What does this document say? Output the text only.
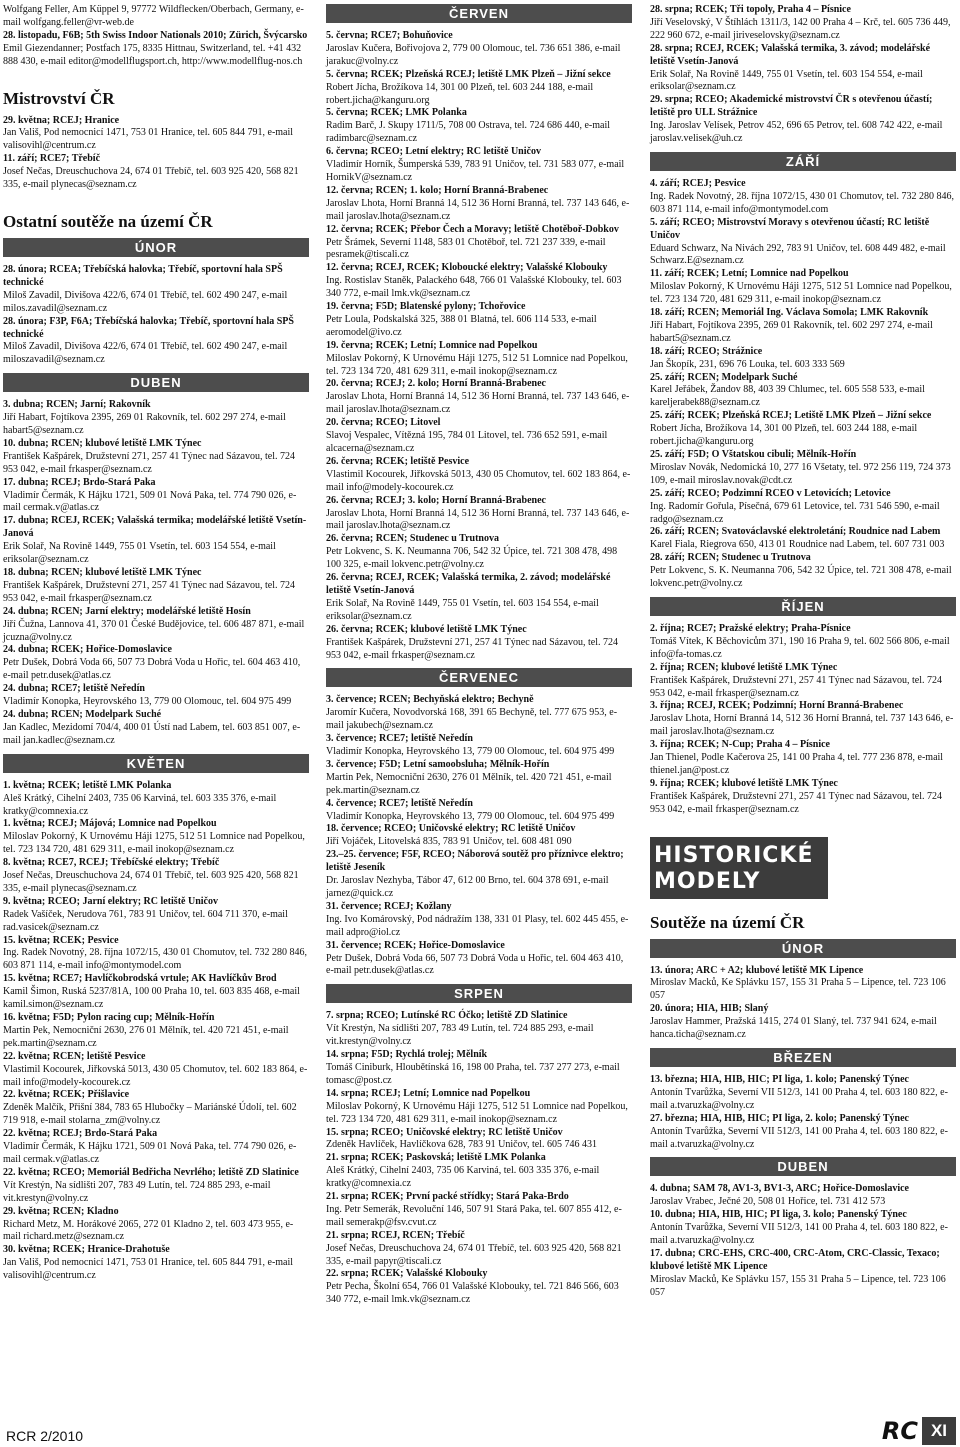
Wolfgang Feller, Am Küppel 9, 97772 Wildflecken/Oberbach, Germany, e-mail wolfgang.feller@vr-web.de
28. listopadu, F6B; 5th Swiss Indoor Nationals 2010; Zürich, Švýcarsko
Emil Giezendanner; Postfach 175, 8335 Hittnau, Switzerland, tel. +41 432 888 430, e-mail editor@modellflugsport.ch, http://www.modellflug-nos.ch
Mistrovství ČR
29. května; RCEJ; Hranice
Jan Vališ, Pod nemocnicí 1471, 753 01 Hranice, tel. 605 844 791, e-mail valisovihl@centrum.cz
11. září; RCE7; Třebíč
Josef Nečas, Dreuschuchova 24, 674 01 Třebíč, tel. 603 925 420, 568 821 335, e-mail plynecas@seznam.cz
Ostatní soutěže na území ČR
ÚNOR
28. února; RCEA; Třebíčská halovka; Třebíč, sportovní hala SPŠ technické
Miloš Zavadil, Divišova 422/6, 674 01 Třebíč, tel. 602 490 247, e-mail milos.zavadil@seznam.cz
28. února; F3P, F6A; Třebíčská halovka; Třebíč, sportovní hala SPŠ technické
Miloš Zavadil, Divišova 422/6, 674 01 Třebíč, tel. 602 490 247, e-mail miloszavadil@seznam.cz
DUBEN
3. dubna; RCEN; Jarní; Rakovník
Jiří Habart, Fojtíkova 2395, 269 01 Rakovník, tel. 602 297 274, e-mail habart5@seznam.cz
10. dubna; RCEN; klubové letiště LMK Týnec
František Kašpárek, Družstevní 271, 257 41 Týnec nad Sázavou, tel. 724 953 042, e-mail frkasper@seznam.cz
17. dubna; RCEJ; Brdo-Stará Paka
Vladimír Čermák, K Hájku 1721, 509 01 Nová Paka, tel. 774 790 026, e-mail cermak.v@atlas.cz
17. dubna; RCEJ, RCEK; Valašská termika; modelářské letiště Vsetín-Janová
Erik Solař, Na Rovině 1449, 755 01 Vsetín, tel. 603 154 554, e-mail eriksolar@seznam.cz
18. dubna; RCEN; klubové letiště LMK Týnec
František Kašpárek, Družstevní 271, 257 41 Týnec nad Sázavou, tel. 724 953 042, e-mail frkasper@seznam.cz
24. dubna; RCEN; Jarní elektry; modelářské letiště Hosín
Jiří Čužna, Lannova 41, 370 01 České Budějovice, tel. 606 487 871, e-mail jcuzna@volny.cz
24. dubna; RCEK; Hořice-Domoslavice
Petr Dušek, Dobrá Voda 66, 507 73 Dobrá Voda u Hořic, tel. 604 463 410, e-mail petr.dusek@atlas.cz
24. dubna; RCE7; letiště Neředín
Vladimír Konopka, Heyrovského 13, 779 00 Olomouc, tel. 604 975 499
24. dubna; RCEN; Modelpark Suché
Jan Kadlec, Mezidomí 704/4, 400 01 Ústí nad Labem, tel. 603 851 007, e-mail jan.kadlec@seznam.cz
KVĚTEN
1. května; RCEK; letiště LMK Polanka
Aleš Krátký, Cihelní 2403, 735 06 Karviná, tel. 603 335 376, e-mail kratky@comnexia.cz
1. května; RCEJ; Májová; Lomnice nad Popelkou
Miloslav Pokorný, K Urnovému Háji 1275, 512 51 Lomnice nad Popelkou, tel. 723 134 720, 481 629 311, e-mail inokop@seznam.cz
8. května; RCE7, RCEJ; Třebíčské elektry; Třebíč
Josef Nečas, Dreuschuchova 24, 674 01 Třebíč, tel. 603 925 420, 568 821 335, e-mail plynecas@seznam.cz
9. května; RCEO; Jarní elektry; RC letiště Uničov
Radek Vašíček, Nerudova 761, 783 91 Uničov, tel. 604 711 370, e-mail rad.vasicek@seznam.cz
15. května; RCEK; Pesvice
Ing. Radek Novotný, 28. října 1072/15, 430 01 Chomutov, tel. 732 280 846, 603 871 114, e-mail info@montymodel.com
15. května; RCE7; Havlíčkobrodská vrtule; AK Havlíčkův Brod
Kamil Šimon, Ruská 5237/81A, 100 00 Praha 10, tel. 603 835 468, e-mail kamil.simon@seznam.cz
16. května; F5D; Pylon racing cup; Mělník-Hořín
Martin Pek, Nemocniční 2630, 276 01 Mělník, tel. 420 721 451, e-mail pek.martin@seznam.cz
22. května; RCEN; letiště Pesvice
Vlastimil Kocourek, Jiřkovská 5013, 430 05 Chomutov, tel. 602 183 864, e-mail info@modely-kocourek.cz
22. května; RCEK; Přišlavice
Zdeněk Malčík, Přišní 384, 783 65 Hlubočky – Mariánské Údolí, tel. 602 719 918, e-mail stolarna_zm@volny.cz
22. května; RCEJ; Brdo-Stará Paka
Vladimír Čermák, K Hájku 1721, 509 01 Nová Paka, tel. 774 790 026, e-mail cermak.v@atlas.cz
22. května; RCEO; Memoriál Bedřicha Nevrlého; letiště ZD Slatinice
Vít Krestýn, Na sídlišti 207, 783 49 Lutín, tel. 724 885 293, e-mail vit.krestyn@volny.cz
29. května; RCEN; Kladno
Richard Metz, M. Horákové 2065, 272 01 Kladno 2, tel. 603 473 955, e-mail richard.metz@seznam.cz
30. května; RCEK; Hranice-Drahotuše
Jan Vališ, Pod nemocnicí 1471, 753 01 Hranice, tel. 605 844 791, e-mail valisovihl@centrum.cz
ČERVEN
5. června; RCE7; Bohuňovice
Jaroslav Kučera, Bořivojova 2, 779 00 Olomouc, tel. 736 651 386, e-mail jarakuc@volny.cz
5. června; RCEK; Plzeňská RCEJ; letiště LMK Plzeň – Jižní sekce
Robert Jícha, Brožíkova 14, 301 00 Plzeň, tel. 603 244 188, e-mail robert.jicha@kanguru.org
5. června; RCEK; LMK Polanka
Radim Barč, J. Skupy 1711/5, 708 00 Ostrava, tel. 724 686 440, e-mail radimbarc@seznam.cz
6. června; RCEO; Letní elektry; RC letiště Uničov
Vladimír Horník, Šumperská 539, 783 91 Uničov, tel. 731 583 077, e-mail HornikV@seznam.cz
12. června; RCEN; 1. kolo; Horní Branná-Brabenec
Jaroslav Lhota, Horní Branná 14, 512 36 Horní Branná, tel. 737 143 646, e-mail jaroslav.lhota@seznam.cz
12. června; RCEK; Přebor Čech a Moravy; letiště Chotěboř-Dobkov
Petr Šrámek, Severní 1148, 583 01 Chotěboř, tel. 721 237 339, e-mail pesramek@tiscali.cz
12. června; RCEJ, RCEK; Kloboucké elektry; Valašské Klobouky
Ing. Rostislav Staněk, Palackého 648, 766 01 Valašské Klobouky, tel. 603 340 772, e-mail lmk.vk@seznam.cz
19. června; F5D; Blatenské pylony; Tchořovice
Petr Loula, Podskalská 325, 388 01 Blatná, tel. 606 114 533, e-mail aeromodel@ivo.cz
19. června; RCEK; Letní; Lomnice nad Popelkou
Miloslav Pokorný, K Urnovému Háji 1275, 512 51 Lomnice nad Popelkou, tel. 723 134 720, 481 629 311, e-mail inokop@seznam.cz
20. června; RCEJ; 2. kolo; Horní Branná-Brabenec
Jaroslav Lhota, Horní Branná 14, 512 36 Horní Branná, tel. 737 143 646, e-mail jaroslav.lhota@seznam.cz
20. června; RCEO; Litovel
Slavoj Vespalec, Vítězná 195, 784 01 Litovel, tel. 736 652 591, e-mail alcacerna@seznam.cz
26. června; RCEK; letiště Pesvice
Vlastimil Kocourek, Jiřkovská 5013, 430 05 Chomutov, tel. 602 183 864, e-mail info@modely-kocourek.cz
26. června; RCEJ; 3. kolo; Horní Branná-Brabenec
Jaroslav Lhota, Horní Branná 14, 512 36 Horní Branná, tel. 737 143 646, e-mail jaroslav.lhota@seznam.cz
26. června; RCEN; Studenec u Trutnova
Petr Lokvenc, S. K. Neumanna 706, 542 32 Úpice, tel. 721 308 478, 498 100 325, e-mail lokvenc.petr@volny.cz
26. června; RCEJ, RCEK; Valašská termika, 2. závod; modelářské letiště Vsetín-Janová
Erik Solař, Na Rovině 1449, 755 01 Vsetín, tel. 603 154 554, e-mail eriksolar@seznam.cz
26. června; RCEK; klubové letiště LMK Týnec
František Kašpárek, Družstevní 271, 257 41 Týnec nad Sázavou, tel. 724 953 042, e-mail frkasper@seznam.cz
ČERVENEC
3. července; RCEN; Bechyňská elektro; Bechyně
Jaromír Kučera, Novodvorská 168, 391 65 Bechyně, tel. 777 675 953, e-mail jakubech@seznam.cz
3. července; RCE7; letiště Neředín
Vladimír Konopka, Heyrovského 13, 779 00 Olomouc, tel. 604 975 499
3. července; F5D; Letní samoobsluha; Mělník-Hořín
Martin Pek, Nemocniční 2630, 276 01 Mělník, tel. 420 721 451, e-mail pek.martin@seznam.cz
4. července; RCE7; letiště Neředín
Vladimír Konopka, Heyrovského 13, 779 00 Olomouc, tel. 604 975 499
18. července; RCEO; Uničovské elektry; RC letiště Uničov
Jiří Vojáček, Litovelská 835, 783 91 Uničov, tel. 608 481 090
23.–25. července; F5F, RCEO; Náborová soutěž pro příznivce elektro; letiště Jeseník
Dr. Jaroslav Nezhyba, Tábor 47, 612 00 Brno, tel. 604 378 691, e-mail jarnez@quick.cz
31. července; RCEJ; Kožlany
Ing. Ivo Komárovský, Pod nádražím 138, 331 01 Plasy, tel. 602 445 455, e-mail adpro@iol.cz
31. července; RCEK; Hořice-Domoslavice
Petr Dušek, Dobrá Voda 66, 507 73 Dobrá Voda u Hořic, tel. 604 463 410, e-mail petr.dusek@atlas.cz
SRPEN
7. srpna; RCEO; Lutínské RC Óčko; letiště ZD Slatinice
Vít Krestýn, Na sídlišti 207, 783 49 Lutín, tel. 724 885 293, e-mail vit.krestyn@volny.cz
14. srpna; F5D; Rychlá trolej; Mělník
Tomáš Ciniburk, Hloubětínská 16, 198 00 Praha, tel. 737 277 273, e-mail tomasc@post.cz
14. srpna; RCEJ; Letní; Lomnice nad Popelkou
Miloslav Pokorný, K Urnovému Háji 1275, 512 51 Lomnice nad Popelkou, tel. 723 134 720, 481 629 311, e-mail inokop@seznam.cz
15. srpna; RCEO; Uničovské elektry; RC letiště Uničov
Zdeněk Havlíček, Havlíčkova 628, 783 91 Uničov, tel. 605 746 431
21. srpna; RCEK; Paskovská; letiště LMK Polanka
Aleš Krátký, Cihelní 2403, 735 06 Karviná, tel. 603 335 376, e-mail kratky@comnexia.cz
21. srpna; RCEK; První packé střídky; Stará Paka-Brdo
Ing. Petr Semerák, Revoluční 146, 507 91 Stará Paka, tel. 607 855 412, e-mail semerakp@fsv.cvut.cz
21. srpna; RCEJ, RCEN; Třebíč
Josef Nečas, Dreuschuchova 24, 674 01 Třebíč, tel. 603 925 420, 568 821 335, e-mail papyr@tiscali.cz
22. srpna; RCEK; Valašské Klobouky
Petr Pecha, Školní 654, 766 01 Valašské Klobouky, tel. 721 846 566, 603 340 772, e-mail lmk.vk@seznam.cz
28. srpna; RCEK; Tři topoly, Praha 4 – Písnice
Jiří Veselovský, V Štíhlách 1311/3, 142 00 Praha 4 – Krč, tel. 605 736 449, 222 960 672, e-mail jiriveselovsky@seznam.cz
28. srpna; RCEJ, RCEK; Valašská termika, 3. závod; modelářské letiště Vsetín-Janová
Erik Solař, Na Rovině 1449, 755 01 Vsetín, tel. 603 154 554, e-mail eriksolar@seznam.cz
29. srpna; RCEO; Akademické mistrovství ČR s otevřenou účastí; letiště pro ULL Strážnice
Ing. Jaroslav Velísek, Petrov 452, 696 65 Petrov, tel. 608 742 422, e-mail jaroslav.velisek@uh.cz
ZÁŘÍ
4. září; RCEJ; Pesvice
Ing. Radek Novotný, 28. října 1072/15, 430 01 Chomutov, tel. 732 280 846, 603 871 114, e-mail info@montymodel.com
5. září; RCEO; Mistrovství Moravy s otevřenou účastí; RC letiště Uničov
Eduard Schwarz, Na Nivách 292, 783 91 Uničov, tel. 608 449 482, e-mail Schwarz.E@seznam.cz
11. září; RCEK; Letní; Lomnice nad Popelkou
Miloslav Pokorný, K Urnovému Háji 1275, 512 51 Lomnice nad Popelkou, tel. 723 134 720, 481 629 311, e-mail inokop@seznam.cz
18. září; RCEN; Memoriál Ing. Václava Somola; LMK Rakovník
Jiří Habart, Fojtíkova 2395, 269 01 Rakovník, tel. 602 297 274, e-mail habart5@seznam.cz
18. září; RCEO; Strážnice
Jan Škopík, 231, 696 76 Louka, tel. 603 333 569
25. září; RCEN; Modelpark Suché
Karel Jeřábek, Žandov 88, 403 39 Chlumec, tel. 605 558 533, e-mail kareljerabek88@seznam.cz
25. září; RCEK; Plzeňská RCEJ; Letiště LMK Plzeň – Jižní sekce
Robert Jícha, Brožíkova 14, 301 00 Plzeň, tel. 603 244 188, e-mail robert.jicha@kanguru.org
25. září; F5D; O Vštatskou cibuli; Mělník-Hořín
Miroslav Novák, Nedomická 10, 277 16 Všetaty, tel. 972 256 119, 724 373 109, e-mail miroslav.novak@cdt.cz
25. září; RCEO; Podzimní RCEO v Letovicích; Letovice
Ing. Radomír Gořula, Písečná, 679 61 Letovice, tel. 731 546 590, e-mail radgo@seznam.cz
26. září; RCEN; Svatováclavské elektroletání; Roudnice nad Labem
Karel Fiala, Riegrova 650, 413 01 Roudnice nad Labem, tel. 607 731 003
28. září; RCEN; Studenec u Trutnova
Petr Lokvenc, S. K. Neumanna 706, 542 32 Úpice, tel. 721 308 478, e-mail lokvenc.petr@volny.cz
ŘÍJEN
2. října; RCE7; Pražské elektry; Praha-Písnice
Tomáš Vítek, K Běchovicům 371, 190 16 Praha 9, tel. 602 566 806, e-mail info@fa-tomas.cz
2. října; RCEN; klubové letiště LMK Týnec
František Kašpárek, Družstevní 271, 257 41 Týnec nad Sázavou, tel. 724 953 042, e-mail frkasper@seznam.cz
3. října; RCEJ, RCEK; Podzimní; Horní Branná-Brabenec
Jaroslav Lhota, Horní Branná 14, 512 36 Horní Branná, tel. 737 143 646, e-mail jaroslav.lhota@seznam.cz
3. října; RCEK; N-Cup; Praha 4 – Písnice
Jan Thienel, Podle Kačerova 25, 141 00 Praha 4, tel. 777 236 878, e-mail thienel.jan@post.cz
9. října; RCEK; klubové letiště LMK Týnec
František Kašpárek, Družstevní 271, 257 41 Týnec nad Sázavou, tel. 724 953 042, e-mail frkasper@seznam.cz
HISTORICKÉ
MODELY
Soutěže na území ČR
ÚNOR
13. února; ARC + A2; klubové letiště MK Lipence
Miroslav Macků, Ke Splávku 157, 155 31 Praha 5 – Lipence, tel. 723 106 057
20. února; HIA, HIB; Slaný
Jaroslav Hammer, Pražská 1415, 274 01 Slaný, tel. 737 941 624, e-mail hanca.ticha@seznam.cz
BŘEZEN
13. března; HIA, HIB, HIC; PI liga, 1. kolo; Panenský Týnec
Antonín Tvarůžka, Severní VII 512/3, 141 00 Praha 4, tel. 603 180 822, e-mail a.tvaruzka@volny.cz
27. března; HIA, HIB, HIC; PI liga, 2. kolo; Panenský Týnec
Antonín Tvarůžka, Severní VII 512/3, 141 00 Praha 4, tel. 603 180 822, e-mail a.tvaruzka@volny.cz
DUBEN
4. dubna; SAM 78, AV1-3, BV1-3, ARC; Hořice-Domoslavice
Jaroslav Vrabec, Ječné 20, 508 01 Hořice, tel. 731 412 573
10. dubna; HIA, HIB, HIC; PI liga, 3. kolo; Panenský Týnec
Antonín Tvarůžka, Severní VII 512/3, 141 00 Praha 4, tel. 603 180 822, e-mail a.tvaruzka@volny.cz
17. dubna; CRC-EHS, CRC-400, CRC-Atom, CRC-Classic, Texaco; klubové letiště MK Lipence
Miroslav Macků, Ke Splávku 157, 155 31 Praha 5 – Lipence, tel. 723 106 057
RCR 2/2010	RC XI
